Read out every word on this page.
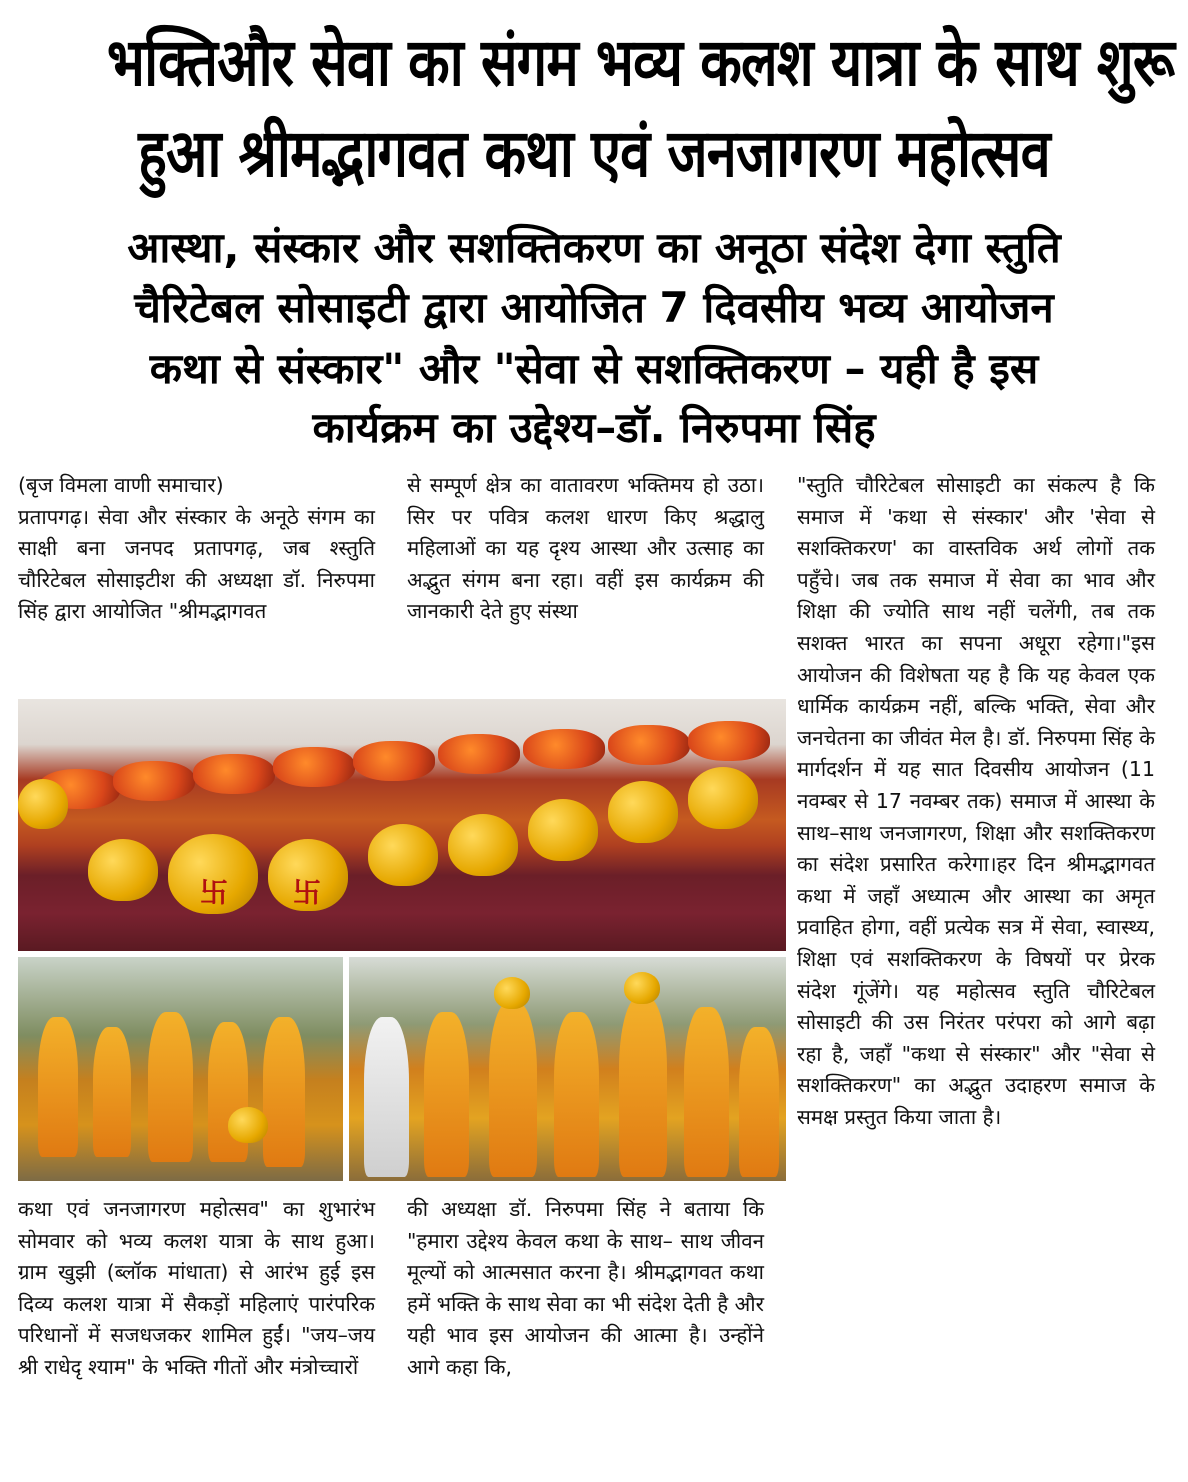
भक्तिऔर सेवा का संगम भव्य कलश यात्रा के साथ शुरू
हुआ श्रीमद्भागवत कथा एवं जनजागरण महोत्सव
आस्था, संस्कार और सशक्तिकरण का अनूठा संदेश देगा स्तुति
चैरिटेबल सोसाइटी द्वारा आयोजित 7 दिवसीय भव्य आयोजन
कथा से संस्कार" और "सेवा से सशक्तिकरण – यही है इस
कार्यक्रम का उद्देश्य–डॉ. निरुपमा सिंह

(बृज विमला वाणी समाचार)

प्रतापगढ़। सेवा और संस्कार के अनूठे संगम का साक्षी बना जनपद प्रतापगढ़, जब श्स्तुति चौरिटेबल सोसाइटीश की अध्यक्षा डॉ. निरुपमा सिंह द्वारा आयोजित "श्रीमद्भागवत

से सम्पूर्ण क्षेत्र का वातावरण भक्तिमय हो उठा। सिर पर पवित्र कलश धारण किए श्रद्धालु महिलाओं का यह दृश्य आस्था और उत्साह का अद्भुत संगम बना रहा। वहीं इस कार्यक्रम की जानकारी देते हुए संस्था

"स्तुति चौरिटेबल सोसाइटी का संकल्प है कि समाज में 'कथा से संस्कार' और 'सेवा से सशक्तिकरण' का वास्तविक अर्थ लोगों तक पहुँचे। जब तक समाज में सेवा का भाव और शिक्षा की ज्योति साथ नहीं चलेंगी, तब तक सशक्त भारत का सपना अधूरा रहेगा।"इस आयोजन की विशेषता यह है कि यह केवल एक धार्मिक कार्यक्रम नहीं, बल्कि भक्ति, सेवा और जनचेतना का जीवंत मेल है। डॉ. निरुपमा सिंह के मार्गदर्शन में यह सात दिवसीय आयोजन (11 नवम्बर से 17 नवम्बर तक) समाज में आस्था के साथ–साथ जनजागरण, शिक्षा और सशक्तिकरण का संदेश प्रसारित करेगा।हर दिन श्रीमद्भागवत कथा में जहाँ अध्यात्म और आस्था का अमृत प्रवाहित होगा, वहीं प्रत्येक सत्र में सेवा, स्वास्थ्य, शिक्षा एवं सशक्तिकरण के विषयों पर प्रेरक संदेश गूंजेंगे। यह महोत्सव स्तुति चौरिटेबल सोसाइटी की उस निरंतर परंपरा को आगे बढ़ा रहा है, जहाँ "कथा से संस्कार" और "सेवा से सशक्तिकरण" का अद्भुत उदाहरण समाज के समक्ष प्रस्तुत किया जाता है।

卐 卐

कथा एवं जनजागरण महोत्सव" का शुभारंभ सोमवार को भव्य कलश यात्रा के साथ हुआ। ग्राम खुझी (ब्लॉक मांधाता) से आरंभ हुई इस दिव्य कलश यात्रा में सैकड़ों महिलाएं पारंपरिक परिधानों में सजधजकर शामिल हुईं। "जय–जय श्री राधेदृ श्याम" के भक्ति गीतों और मंत्रोच्चारों

की अध्यक्षा डॉ. निरुपमा सिंह ने बताया कि "हमारा उद्देश्य केवल कथा के साथ– साथ जीवन मूल्यों को आत्मसात करना है। श्रीमद्भागवत कथा हमें भक्ति के साथ सेवा का भी संदेश देती है और यही भाव इस आयोजन की आत्मा है। उन्होंने आगे कहा कि,
